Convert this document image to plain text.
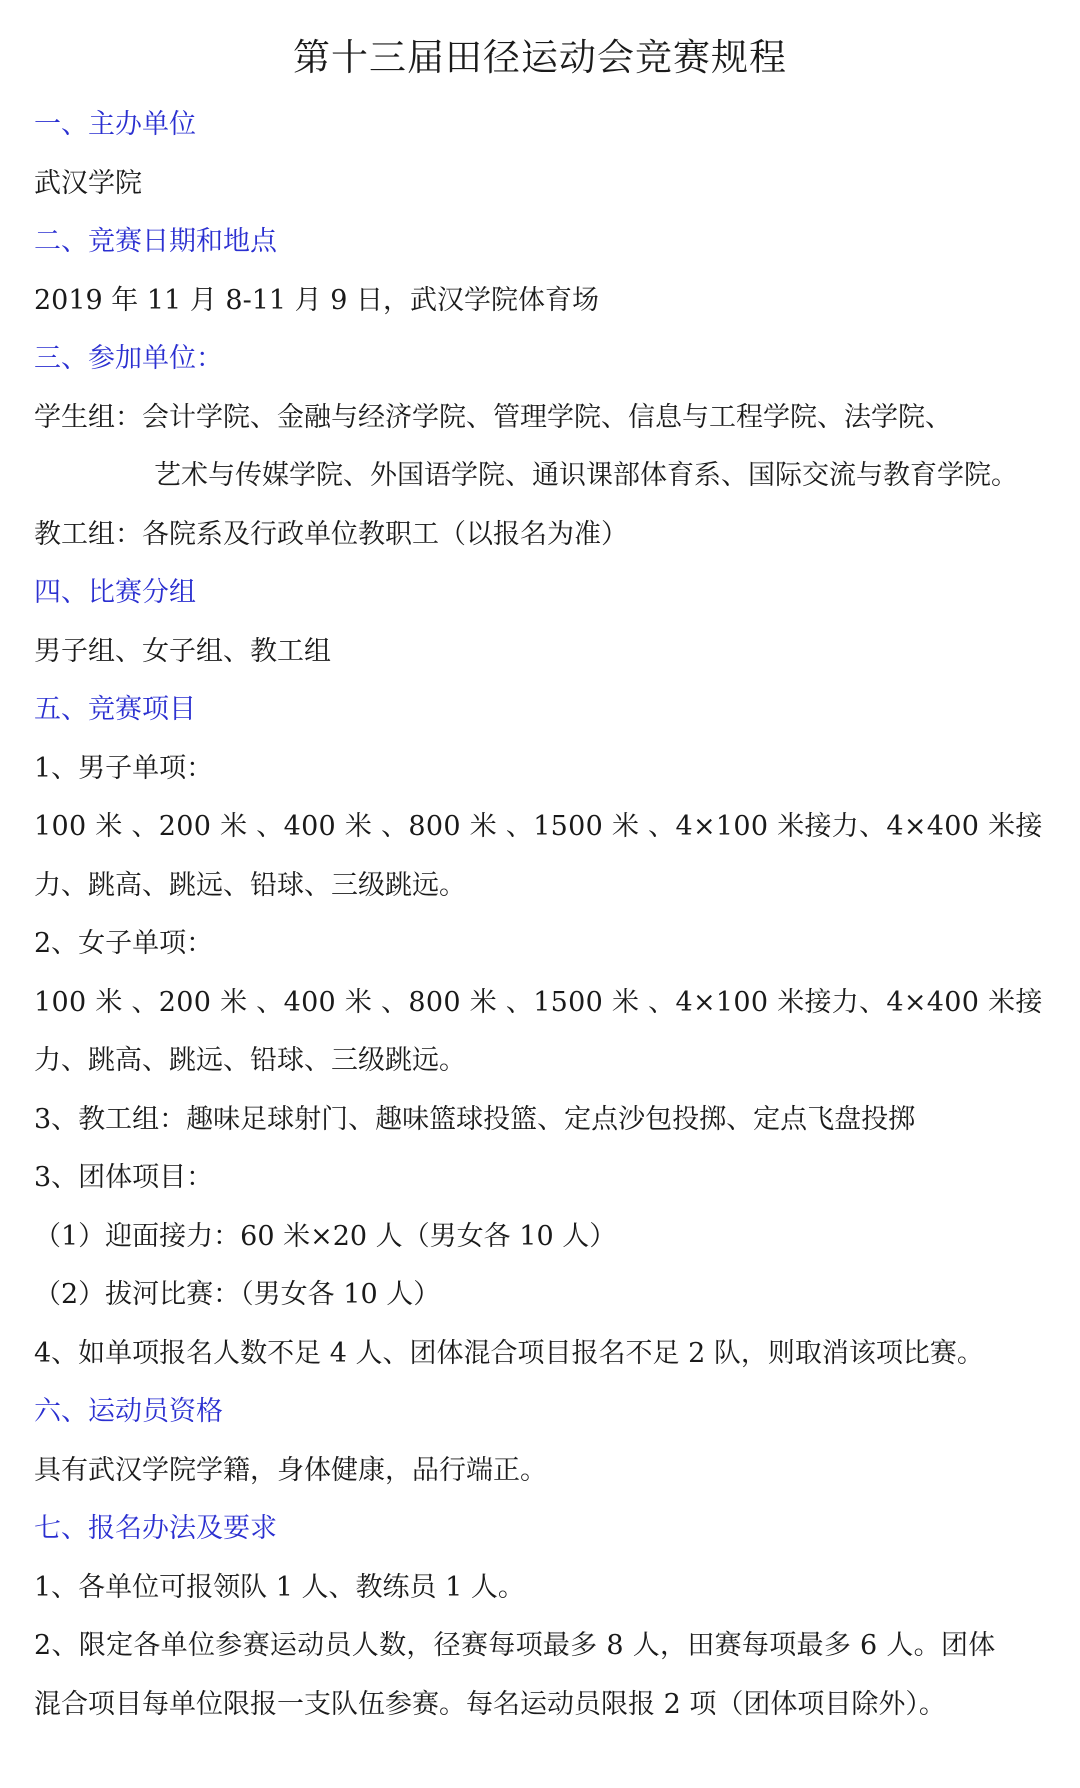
第十三届田径运动会竞赛规程
一、主办单位
武汉学院
二、竞赛日期和地点
2019 年 11 月 8-11 月 9 日，武汉学院体育场
三、参加单位：
学生组：会计学院、金融与经济学院、管理学院、信息与工程学院、法学院、
艺术与传媒学院、外国语学院、通识课部体育系、国际交流与教育学院。
教工组：各院系及行政单位教职工（以报名为准）
四、比赛分组
男子组、女子组、教工组
五、竞赛项目
1、男子单项：
100 米 、200 米 、400 米 、800 米 、1500 米 、4×100 米接力、4×400 米接
力、跳高、跳远、铅球、三级跳远。
2、女子单项：
100 米 、200 米 、400 米 、800 米 、1500 米 、4×100 米接力、4×400 米接
力、跳高、跳远、铅球、三级跳远。
3、教工组：趣味足球射门、趣味篮球投篮、定点沙包投掷、定点飞盘投掷
3、团体项目：
（1）迎面接力：60 米×20 人（男女各 10 人）
（2）拔河比赛：（男女各 10 人）
4、如单项报名人数不足 4 人、团体混合项目报名不足 2 队，则取消该项比赛。
六、运动员资格
具有武汉学院学籍，身体健康，品行端正。
七、报名办法及要求
1、各单位可报领队 1 人、教练员 1 人。
2、限定各单位参赛运动员人数，径赛每项最多 8 人，田赛每项最多 6 人。团体
混合项目每单位限报一支队伍参赛。每名运动员限报 2 项（团体项目除外）。
